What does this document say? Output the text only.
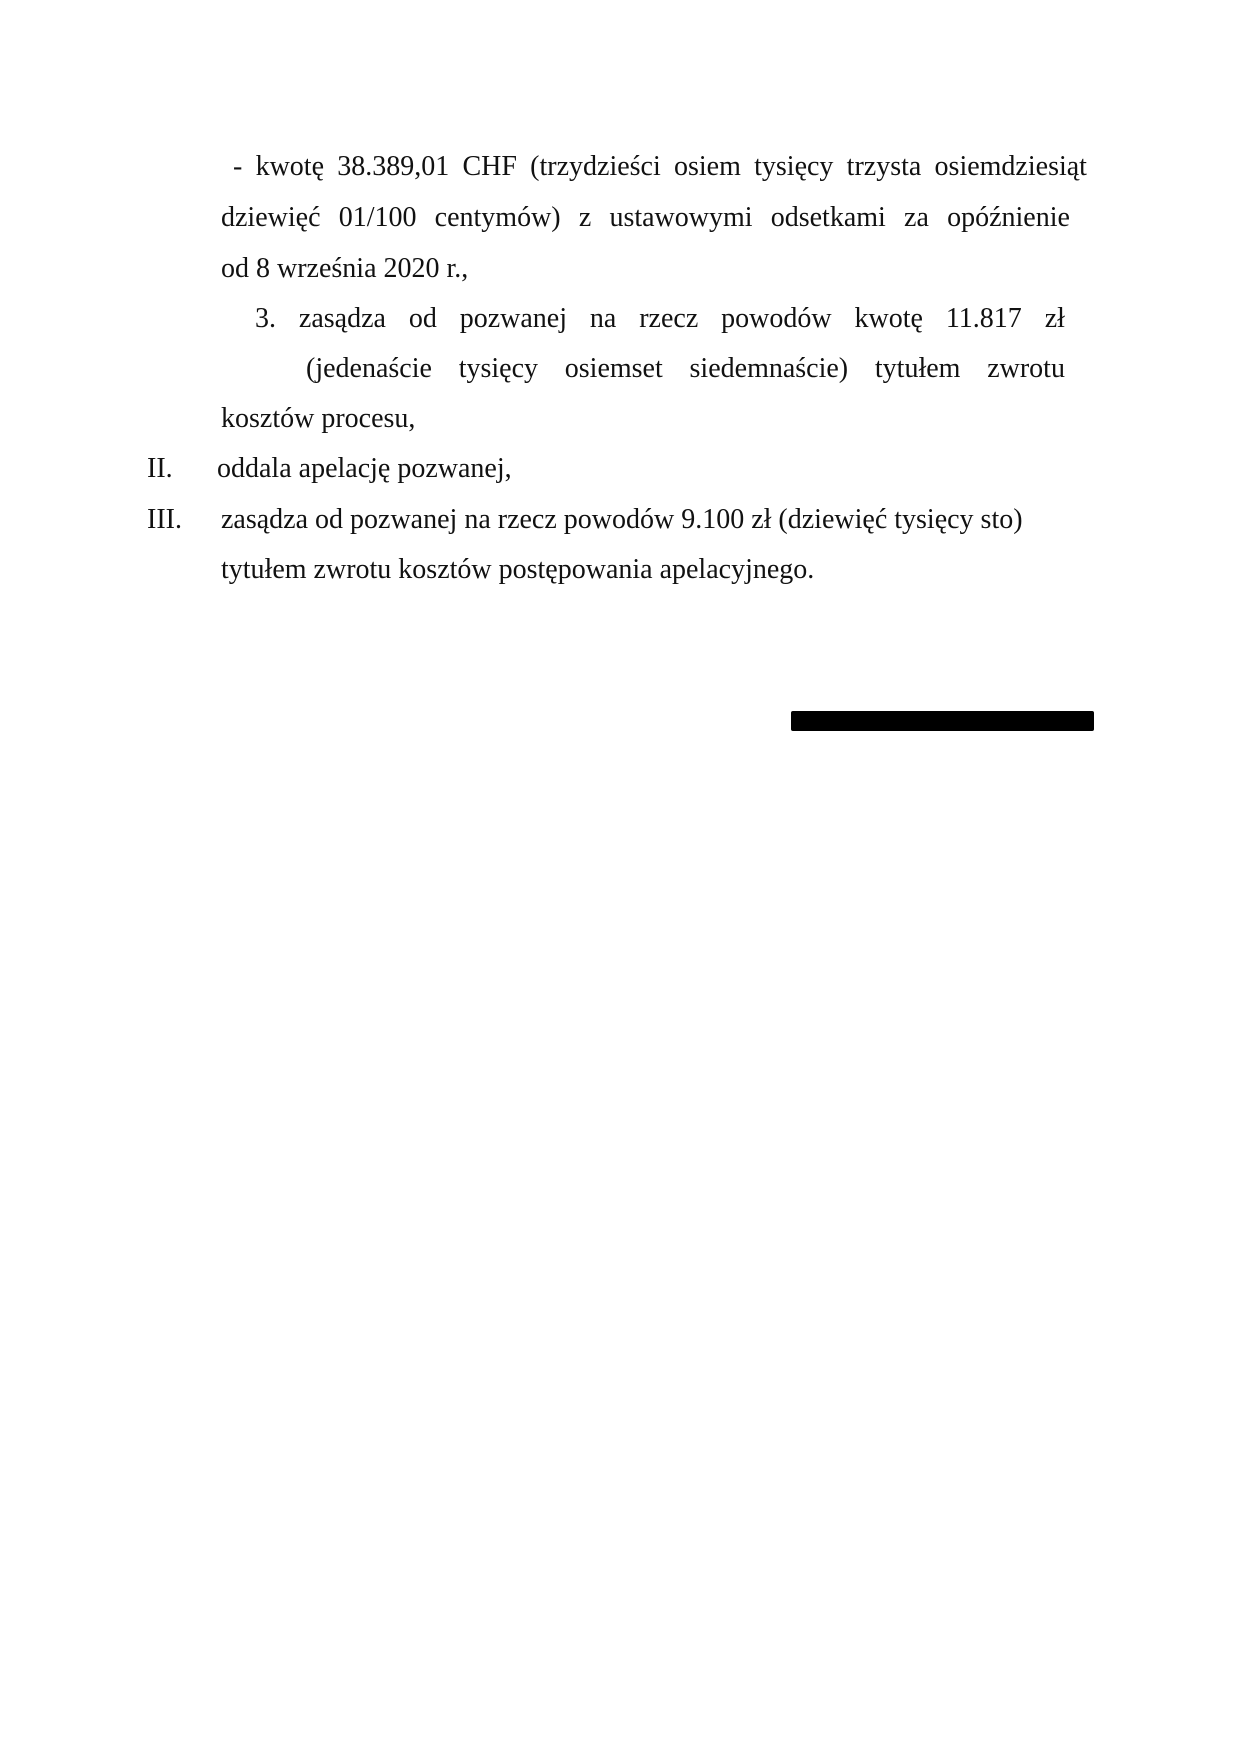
- kwotę 38.389,01 CHF (trzydzieści osiem tysięcy trzysta osiemdziesiąt
dziewięć 01/100 centymów) z ustawowymi odsetkami za opóźnienie
od 8 września 2020 r.,
3. zasądza od pozwanej na rzecz powodów kwotę 11.817 zł
(jedenaście tysięcy osiemset siedemnaście) tytułem zwrotu
kosztów procesu,
II. oddala apelację pozwanej,
III. zasądza od pozwanej na rzecz powodów 9.100 zł (dziewięć tysięcy sto)
tytułem zwrotu kosztów postępowania apelacyjnego.
